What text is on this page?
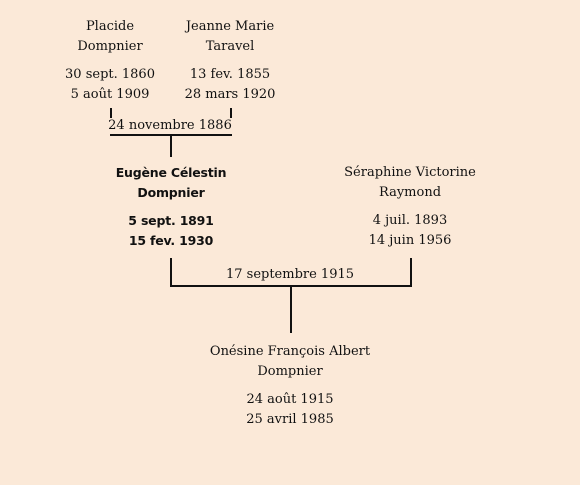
Placide
Dompnier
30 sept. 1860
5 août 1909
Jeanne Marie
Taravel
13 fev. 1855
28 mars 1920
24 novembre 1886
Eugène Célestin
Dompnier
5 sept. 1891
15 fev. 1930
Séraphine Victorine
Raymond
4 juil. 1893
14 juin 1956
17 septembre 1915
Onésine François Albert
Dompnier
24 août 1915
25 avril 1985
